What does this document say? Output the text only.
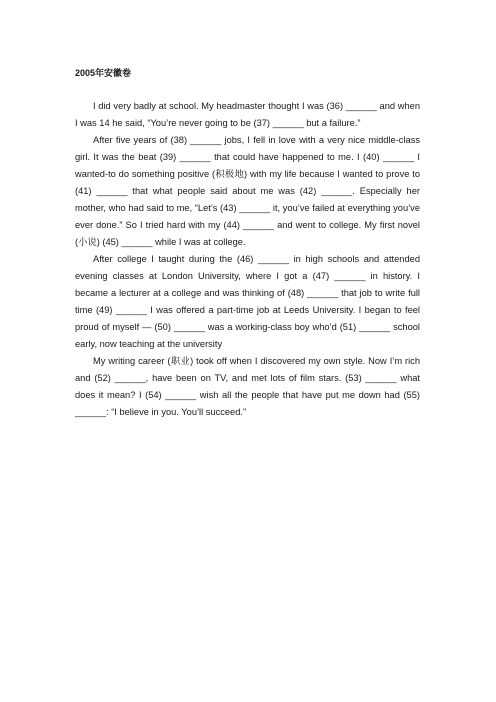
2005年安徽卷

I did very badly at school. My headmaster thought I was (36) ______ and when I was 14 he said, “You’re never going to be (37) ______ but a failure.”

After five years of (38) ______ jobs, I fell in love with a very nice middle-class girl. It was the beat (39) ______ that could have happened to me. I (40) ______ I wanted-to do something positive (积极地) with my life because I wanted to prove to (41) ______ that what people said about me was (42) ______. Especially her mother, who had said to me, “Let’s (43) ______ it, you’ve failed at everything you’ve ever done.” So I tried hard with my (44) ______ and went to college. My first novel (小说) (45) ______ while I was at college.

After college I taught during the (46) ______ in high schools and attended evening classes at London University, where I got a (47) ______ in history. I became a lecturer at a college and was thinking of (48) ______ that job to write full time (49) ______ I was offered a part-time job at Leeds University. I began to feel proud of myself — (50) ______ was a working-class boy who’d (51) ______ school early, now teaching at the university

My writing career (职业) took off when I discovered my own style. Now I’m rich and (52) ______, have been on TV, and met lots of film stars. (53) ______ what does it mean? I (54) ______ wish all the people that have put me down had (55) ______: “I believe in you. You’ll succeed.”
